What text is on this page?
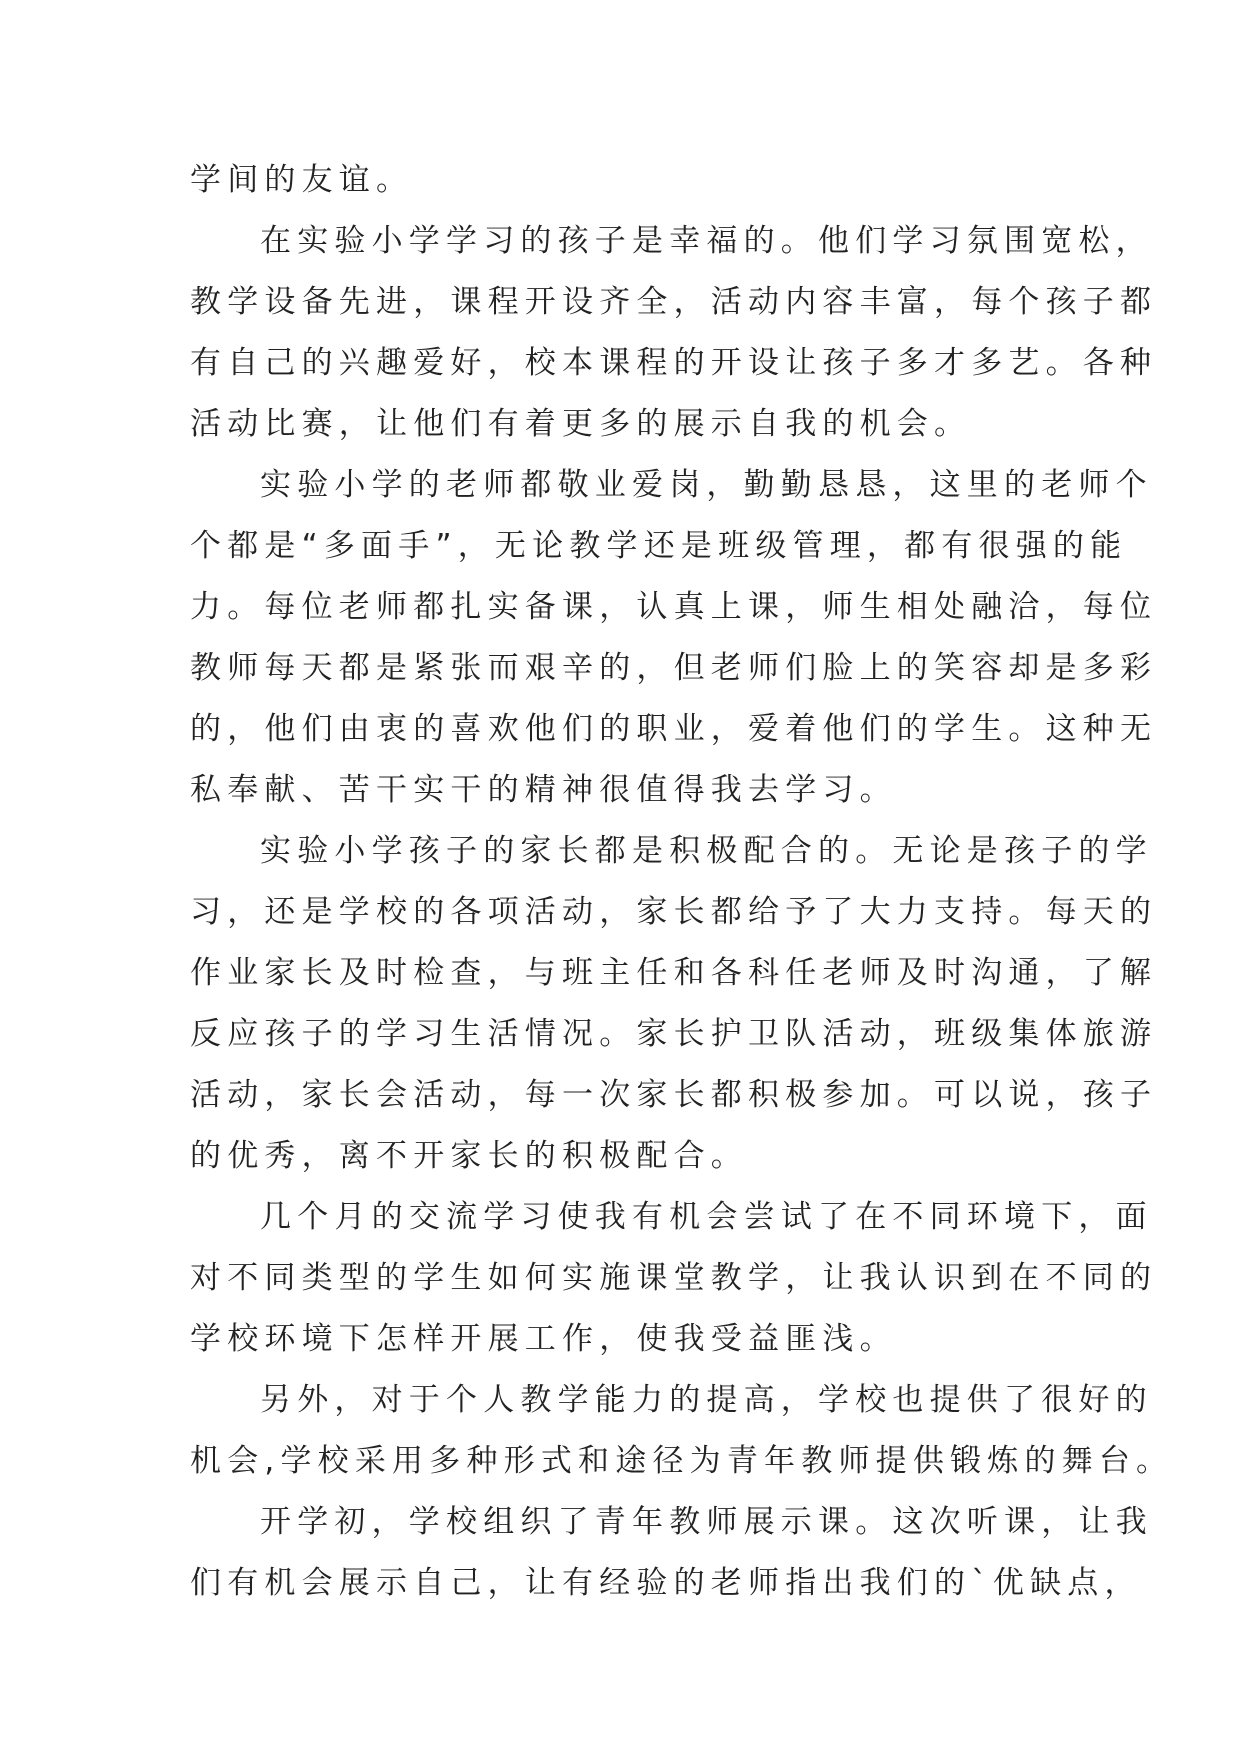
学间的友谊。
在实验小学学习的孩子是幸福的。他们学习氛围宽松，
教学设备先进，课程开设齐全，活动内容丰富，每个孩子都
有自己的兴趣爱好，校本课程的开设让孩子多才多艺。各种
活动比赛，让他们有着更多的展示自我的机会。
实验小学的老师都敬业爱岗，勤勤恳恳，这里的老师个
个都是“多面手”，无论教学还是班级管理，都有很强的能
力。每位老师都扎实备课，认真上课，师生相处融洽，每位
教师每天都是紧张而艰辛的，但老师们脸上的笑容却是多彩
的，他们由衷的喜欢他们的职业，爱着他们的学生。这种无
私奉献、苦干实干的精神很值得我去学习。
实验小学孩子的家长都是积极配合的。无论是孩子的学
习，还是学校的各项活动，家长都给予了大力支持。每天的
作业家长及时检查，与班主任和各科任老师及时沟通，了解
反应孩子的学习生活情况。家长护卫队活动，班级集体旅游
活动，家长会活动，每一次家长都积极参加。可以说，孩子
的优秀，离不开家长的积极配合。
几个月的交流学习使我有机会尝试了在不同环境下，面
对不同类型的学生如何实施课堂教学，让我认识到在不同的
学校环境下怎样开展工作，使我受益匪浅。
另外，对于个人教学能力的提高，学校也提供了很好的
机会,学校采用多种形式和途径为青年教师提供锻炼的舞台。
开学初，学校组织了青年教师展示课。这次听课，让我
们有机会展示自己，让有经验的老师指出我们的`优缺点，
